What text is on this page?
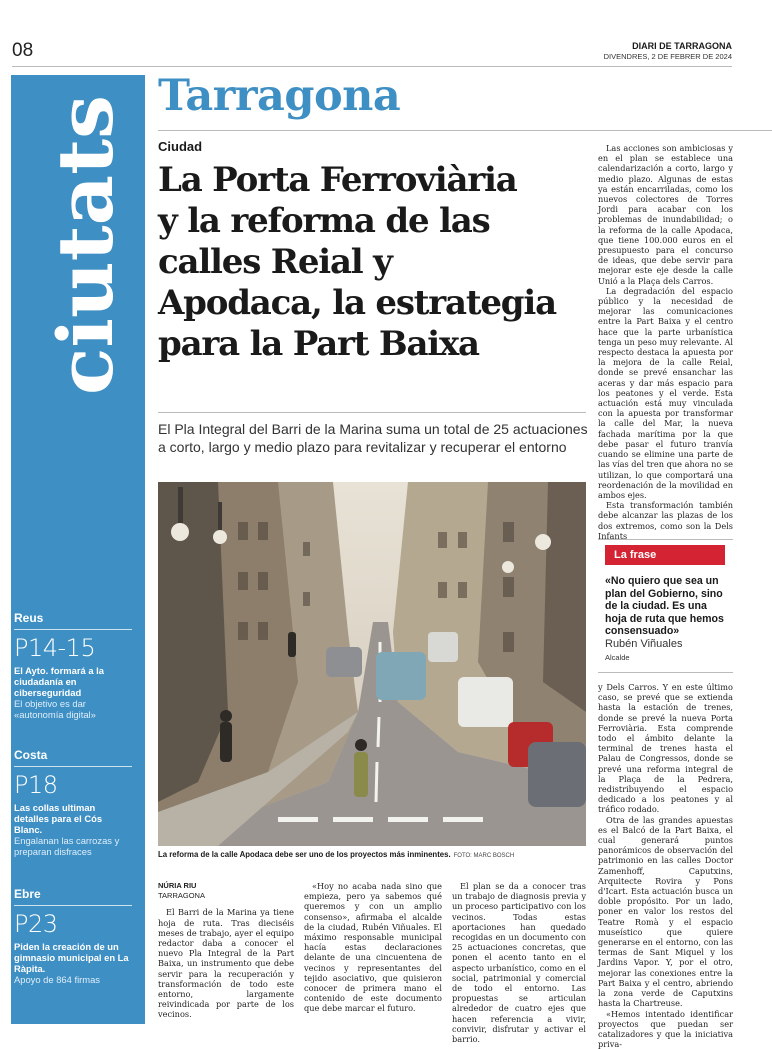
08	DIARI DE TARRAGONA
DIVENDRES, 2 DE FEBRER DE 2024
ciutats
Reus
P14-15
El Ayto. formará a la ciudadanía en ciberseguridad
El objetivo es dar «autonomía digital»
Costa
P18
Las collas ultiman detalles para el Cós Blanc.
Engalanan las carrozas y preparan disfraces
Ebre
P23
Piden la creación de un gimnasio municipal en La Ràpita.
Apoyo de 864 firmas
Tarragona
Ciudad
La Porta Ferroviària
y la reforma de las
calles Reial y
Apodaca, la estrategia
para la Part Baixa
El Pla Integral del Barri de la Marina suma un total de 25 actuaciones a corto, largo y medio plazo para revitalizar y recuperar el entorno
La reforma de la calle Apodaca debe ser uno de los proyectos más inminentes. FOTO: MARC BOSCH
NÚRIA RIU
TARRAGONA

El Barri de la Marina ya tiene hoja de ruta. Tras dieciséis meses de trabajo, ayer el equipo redactor daba a conocer el nuevo Pla Integral de la Part Baixa, un instrumento que debe servir para la recuperación y transformación de todo este entorno, largamente reivindicada por parte de los vecinos.

«Hoy no acaba nada sino que empieza, pero ya sabemos qué queremos y con un amplio consenso», afirmaba el alcalde de la ciudad, Rubén Viñuales. El máximo responsable municipal hacía estas declaraciones delante de una cincuentena de vecinos y representantes del tejido asociativo, que quisieron conocer de primera mano el contenido de este documento que debe marcar el futuro.

El plan se da a conocer tras un trabajo de diagnosis previa y un proceso participativo con los vecinos. Todas estas aportaciones han quedado recogidas en un documento con 25 actuaciones concretas, que ponen el acento tanto en el aspecto urbanístico, como en el social, patrimonial y comercial de todo el entorno. Las propuestas se articulan alrededor de cuatro ejes que hacen referencia a vivir, convivir, disfrutar y activar el barrio.

Las acciones son ambiciosas y en el plan se establece una calendarización a corto, largo y medio plazo. Algunas de estas ya están encarriladas, como los nuevos colectores de Torres Jordi para acabar con los problemas de inundabilidad; o la reforma de la calle Apodaca, que tiene 100.000 euros en el presupuesto para el concurso de ideas, que debe servir para mejorar este eje desde la calle Unió a la Plaça dels Carros.

La degradación del espacio público y la necesidad de mejorar las comunicaciones entre la Part Baixa y el centro hace que la parte urbanística tenga un peso muy relevante. Al respecto destaca la apuesta por la mejora de la calle Reial, donde se prevé ensanchar las aceras y dar más espacio para los peatones y el verde. Esta actuación está muy vinculada con la apuesta por transformar la calle del Mar, la nueva fachada marítima por la que debe pasar el futuro tranvía cuando se elimine una parte de las vías del tren que ahora no se utilizan, lo que comportará una reordenación de la movilidad en ambos ejes.

Esta transformación también debe alcanzar las plazas de los dos extremos, como son la Dels Infants

La frase
«No quiero que sea un plan del Gobierno, sino de la ciudad. Es una hoja de ruta que hemos consensuado»
Rubén Viñuales
Alcalde

y Dels Carros. Y en este último caso, se prevé que se extienda hasta la estación de trenes, donde se prevé la nueva Porta Ferroviària. Esta comprende todo el ámbito delante la terminal de trenes hasta el Palau de Congressos, donde se prevé una reforma integral de la Plaça de la Pedrera, redistribuyendo el espacio dedicado a los peatones y al tráfico rodado.

Otra de las grandes apuestas es el Balcó de la Part Baixa, el cual generará puntos panorámicos de observación del patrimonio en las calles Doctor Zamenhoff, Caputxins, Arquitecte Rovira y Pons d'Icart. Esta actuación busca un doble propósito. Por un lado, poner en valor los restos del Teatre Romà y el espacio museístico que quiere generarse en el entorno, con las termas de Sant Miquel y los Jardins Vapor. Y, por el otro, mejorar las conexiones entre la Part Baixa y el centro, abriendo la zona verde de Caputxins hasta la Chartreuse.

«Hemos intentado identificar proyectos que puedan ser catalizadores y que la iniciativa priva-
